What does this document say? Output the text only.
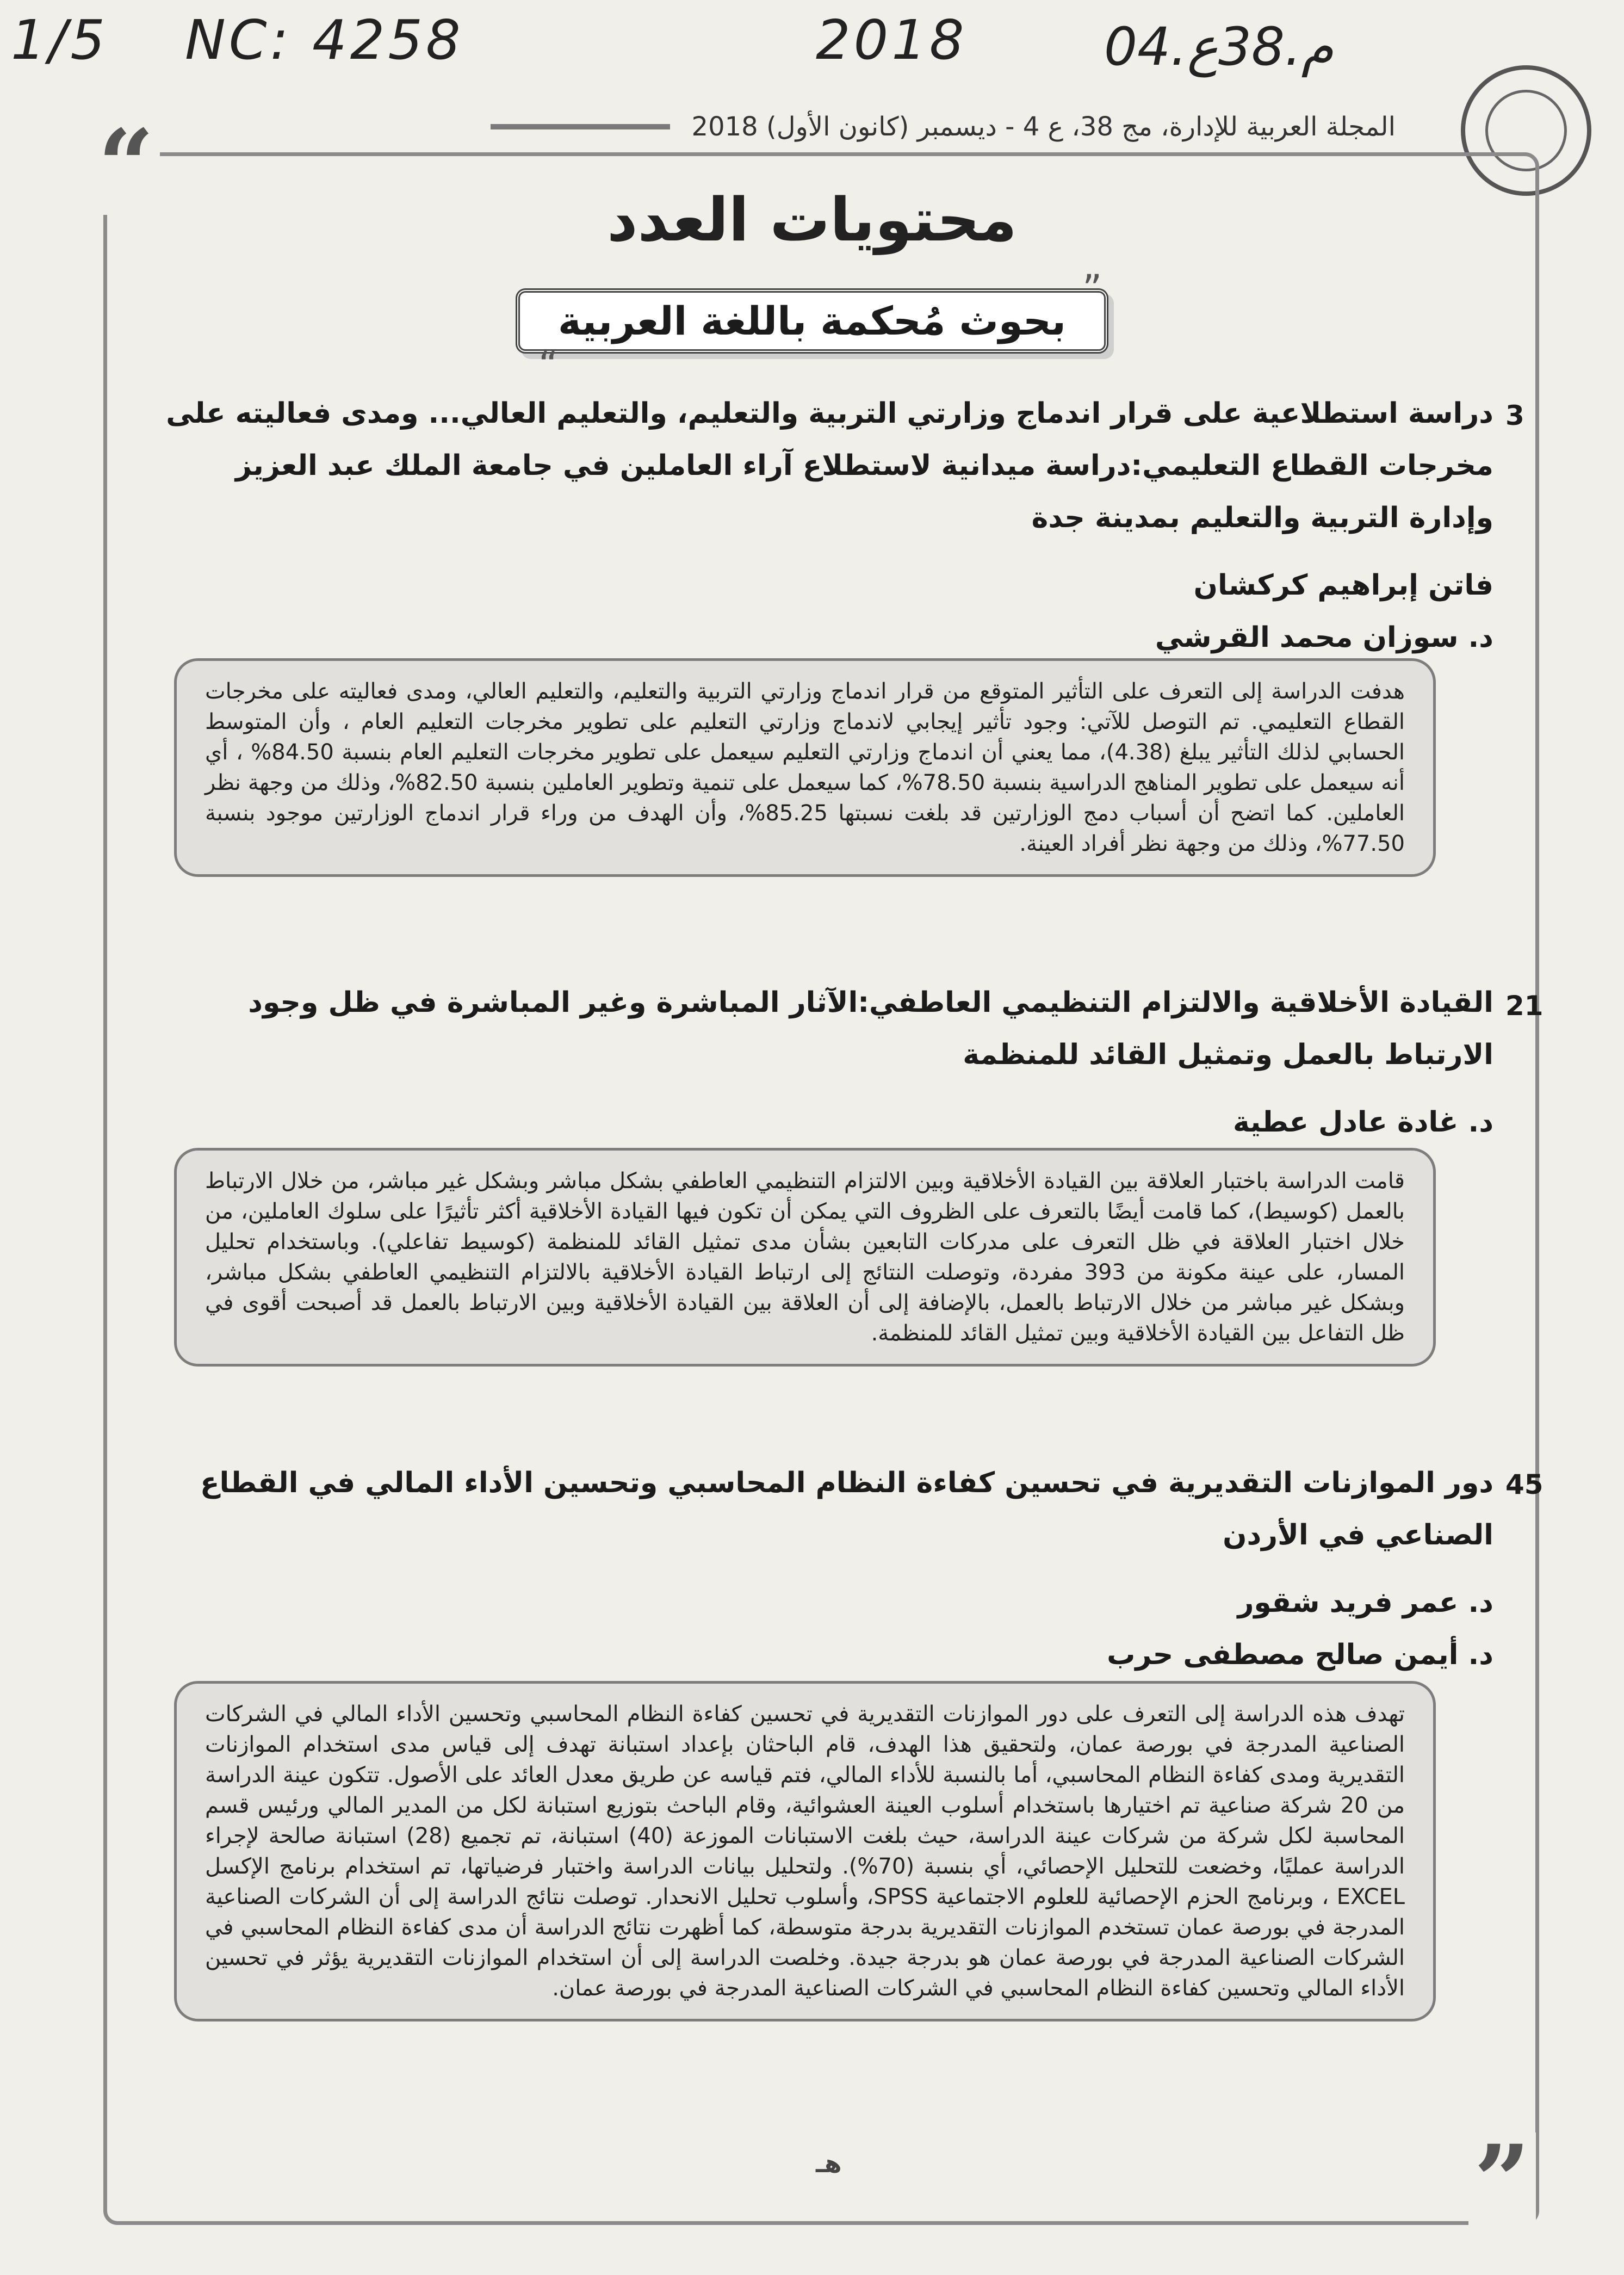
1/5 NC: 4258	2018	م.38ع.04
المجلة العربية للإدارة، مج 38، ع 4 - ديسمبر (كانون الأول) 2018
“
”
محتويات العدد
بحوث مُحكمة باللغة العربية
“
3
دراسة استطلاعية على قرار اندماج وزارتي التربية والتعليم، والتعليم العالي... ومدى فعاليته على مخرجات القطاع التعليمي:دراسة ميدانية لاستطلاع آراء العاملين في جامعة الملك عبد العزيز وإدارة التربية والتعليم بمدينة جدة
فاتن إبراهيم كركشان
د. سوزان محمد القرشي
هدفت الدراسة إلى التعرف على التأثير المتوقع من قرار اندماج وزارتي التربية والتعليم، والتعليم العالي، ومدى فعاليته على مخرجات القطاع التعليمي. تم التوصل للآتي: وجود تأثير إيجابي لاندماج وزارتي التعليم على تطوير مخرجات التعليم العام ، وأن المتوسط الحسابي لذلك التأثير يبلغ (4.38)، مما يعني أن اندماج وزارتي التعليم سيعمل على تطوير مخرجات التعليم العام بنسبة 84.50% ، أي أنه سيعمل على تطوير المناهج الدراسية بنسبة 78.50%، كما سيعمل على تنمية وتطوير العاملين بنسبة 82.50%، وذلك من وجهة نظر العاملين. كما اتضح أن أسباب دمج الوزارتين قد بلغت نسبتها 85.25%، وأن الهدف من وراء قرار اندماج الوزارتين موجود بنسبة 77.50%، وذلك من وجهة نظر أفراد العينة.
21
القيادة الأخلاقية والالتزام التنظيمي العاطفي:الآثار المباشرة وغير المباشرة في ظل وجود الارتباط بالعمل وتمثيل القائد للمنظمة
د. غادة عادل عطية
قامت الدراسة باختبار العلاقة بين القيادة الأخلاقية وبين الالتزام التنظيمي العاطفي بشكل مباشر وبشكل غير مباشر، من خلال الارتباط بالعمل (كوسيط)، كما قامت أيضًا بالتعرف على الظروف التي يمكن أن تكون فيها القيادة الأخلاقية أكثر تأثيرًا على سلوك العاملين، من خلال اختبار العلاقة في ظل التعرف على مدركات التابعين بشأن مدى تمثيل القائد للمنظمة (كوسيط تفاعلي). وباستخدام تحليل المسار، على عينة مكونة من 393 مفردة، وتوصلت النتائج إلى ارتباط القيادة الأخلاقية بالالتزام التنظيمي العاطفي بشكل مباشر، وبشكل غير مباشر من خلال الارتباط بالعمل، بالإضافة إلى أن العلاقة بين القيادة الأخلاقية وبين الارتباط بالعمل قد أصبحت أقوى في ظل التفاعل بين القيادة الأخلاقية وبين تمثيل القائد للمنظمة.
45
دور الموازنات التقديرية في تحسين كفاءة النظام المحاسبي وتحسين الأداء المالي في القطاع الصناعي في الأردن
د. عمر فريد شقور
د. أيمن صالح مصطفى حرب
تهدف هذه الدراسة إلى التعرف على دور الموازنات التقديرية في تحسين كفاءة النظام المحاسبي وتحسين الأداء المالي في الشركات الصناعية المدرجة في بورصة عمان، ولتحقيق هذا الهدف، قام الباحثان بإعداد استبانة تهدف إلى قياس مدى استخدام الموازنات التقديرية ومدى كفاءة النظام المحاسبي، أما بالنسبة للأداء المالي، فتم قياسه عن طريق معدل العائد على الأصول. تتكون عينة الدراسة من 20 شركة صناعية تم اختيارها باستخدام أسلوب العينة العشوائية، وقام الباحث بتوزيع استبانة لكل من المدير المالي ورئيس قسم المحاسبة لكل شركة من شركات عينة الدراسة، حيث بلغت الاستبانات الموزعة (40) استبانة، تم تجميع (28) استبانة صالحة لإجراء الدراسة عمليًا، وخضعت للتحليل الإحصائي، أي بنسبة (70%). ولتحليل بيانات الدراسة واختبار فرضياتها، تم استخدام برنامج الإكسل EXCEL ، وبرنامج الحزم الإحصائية للعلوم الاجتماعية SPSS، وأسلوب تحليل الانحدار. توصلت نتائج الدراسة إلى أن الشركات الصناعية المدرجة في بورصة عمان تستخدم الموازنات التقديرية بدرجة متوسطة، كما أظهرت نتائج الدراسة أن مدى كفاءة النظام المحاسبي في الشركات الصناعية المدرجة في بورصة عمان هو بدرجة جيدة. وخلصت الدراسة إلى أن استخدام الموازنات التقديرية يؤثر في تحسين الأداء المالي وتحسين كفاءة النظام المحاسبي في الشركات الصناعية المدرجة في بورصة عمان.
هـ
